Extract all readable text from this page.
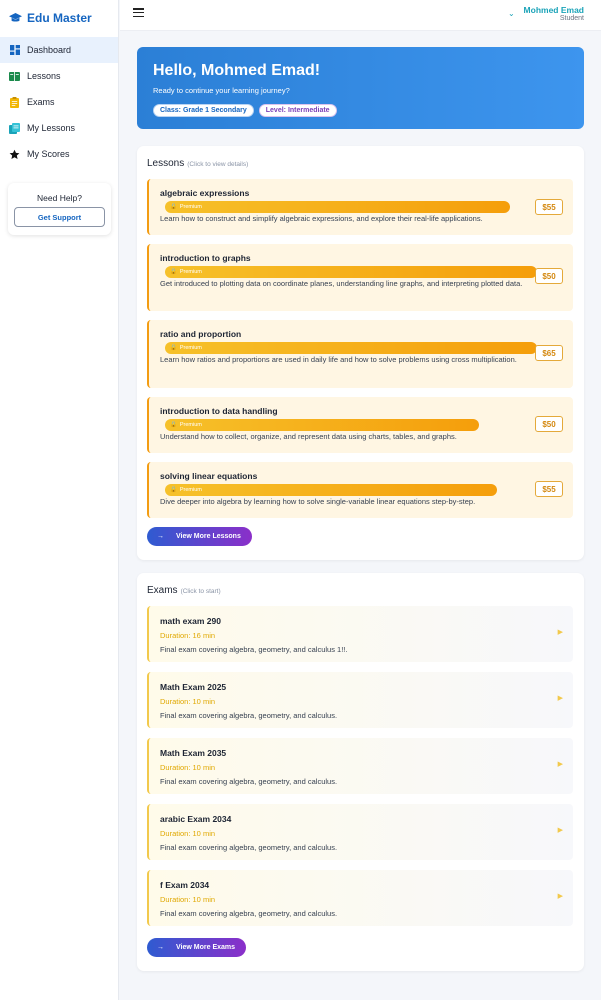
Edu Master
Dashboard
Lessons
Exams
My Lessons
My Scores
Need Help?
Get Support
⌄ Mohmed Emad
Student
Hello, Mohmed Emad!
Ready to continue your learning journey?
Class: Grade 1 Secondary	Level: Intermediate
Lessons (Click to view details)
algebraic expressions
🔒 Premium
Learn how to construct and simplify algebraic expressions, and explore their real-life applications.
$55
introduction to graphs
🔒 Premium
Get introduced to plotting data on coordinate planes, understanding line graphs, and interpreting plotted data.
$50
ratio and proportion
🔒 Premium
Learn how ratios and proportions are used in daily life and how to solve problems using cross multiplication.
$65
introduction to data handling
🔒 Premium
Understand how to collect, organize, and represent data using charts, tables, and graphs.
$50
solving linear equations
🔒 Premium
Dive deeper into algebra by learning how to solve single-variable linear equations step-by-step.
$55
→ View More Lessons
Exams (Click to start)
math exam 290
Duration: 16 min
Final exam covering algebra, geometry, and calculus 1!!.
▶
Math Exam 2025
Duration: 10 min
Final exam covering algebra, geometry, and calculus.
▶
Math Exam 2035
Duration: 10 min
Final exam covering algebra, geometry, and calculus.
▶
arabic Exam 2034
Duration: 10 min
Final exam covering algebra, geometry, and calculus.
▶
f Exam 2034
Duration: 10 min
Final exam covering algebra, geometry, and calculus.
▶
→ View More Exams
